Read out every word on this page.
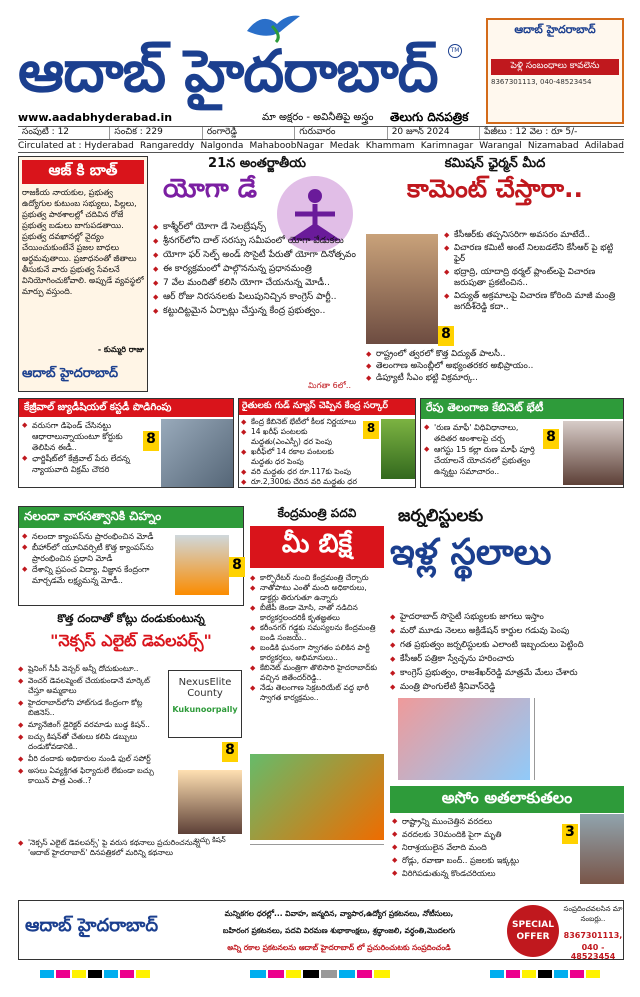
ఆదాబ్ హైదరాబాద్	TM
www.aadabhyderabad.in	మా అక్షరం - అవినీతిపై అస్త్రం తెలుగు దినపత్రిక
ఆదాబ్ హైదరాబాద్
పెళ్లి సంబంధాలు కావలెను
8367301113, 040-48523454
సంపుటి : 12	సంచిక : 229	రంగారెడ్డి	గురువారం	20 జూన్ 2024	పేజీలు : 12 వెల : రూ 5/-
Circulated at : Hyderabad Rangareddy Nalgonda MahaboobNagar Medak Khammam Karimnagar Warangal Nizamabad Adilabad
ఆజ్ కి బాత్
రాజకీయ నాయకుల, ప్రభుత్వ ఉద్యోగుల కుటుంబ సభ్యులు, పిల్లలు, ప్రభుత్వ పాఠశాలల్లో చదివిన రోజే ప్రభుత్వ బడులు బాగుపడతాయి. ప్రభుత్వ దవఖానల్లో వైద్యం చేయించుకుంటేనే ప్రజల బాధలు అర్థమవుతాయి. ప్రజాధనంతో జీతాలు తీసుకునే వారు ప్రభుత్వ సేవలనే వినియోగించుకోవాలి. అప్పుడే వ్యవస్థలో మార్పు వస్తుంది.
- కుమ్మరి రాజు
ఆదాబ్ హైదరాబాద్
21న అంతర్జాతీయ
యోగా డే
◆ కాశ్మీర్‌లో యోగా డే సెలబ్రేషన్స్
◆ శ్రీనగర్‌లోని దాల్ సరస్సు సమీపంలో యోగా వేడుకలు
◆ యోగా ఫర్ సెల్ఫ్ అండ్ సొసైటీ పేరుతో యోగా దినోత్సవం
◆ ఈ కార్యక్రమంలో పాల్గొననున్న ప్రధానమంత్రి
◆ 7 వేల మందితో కలిసి యోగా చేయనున్న మోడీ..
◆ ఆర్ రోజు నిరసనలకు పిలుపునిచ్చిన కాంగ్రెస్ పార్టీ..
◆ కట్టుదిట్టమైన ఏర్పాట్లు చేస్తున్న కేంద్ర ప్రభుత్వం..
మిగతా 6లో..
కమిషన్ ఛైర్మన్ మీద
కామెంట్ చేస్తారా..
8
◆ కేసీఆర్‌కు తప్పనిసరిగా అవసరం మాటేదే..
◆ విచారణ కమిటీ అంటే నిలబడలేని కేసీఆర్ పై భట్టి ఫైర్
◆ భద్రాద్రి, యాదాద్రి థర్మల్ ప్లాంట్‌లపై విచారణ జరుపుతా ప్రకటించిన..
◆ విద్యుత్ అక్రమాలపై విచారణ కోరింది మాజీ మంత్రి జగదీశ్‌రెడ్డి కదా..
◆ రాష్ట్రంలో త్వరలో కొత్త విద్యుత్ పాలసీ..
◆ తెలంగాణ అసెంబ్లీలో అభ్యంతరకర అభిప్రాయం..
◆ డిప్యూటీ సీఎం భట్టి విక్రమార్క..
కేజ్రీవాల్ జ్యుడీషియల్ కస్టడీ పొడిగింపు
◆ వరుసగా డిఫెండ్ చేసినట్టు ఆధారాలున్నాయంటూ కోర్టుకు తెలిపిన ఈడీ..
◆ ఛార్జిషీట్‌లో కేజ్రీవాల్ పేరు లేదన్న న్యాయవాది విక్రమ్ చౌదరి
8
రైతులకు గుడ్ న్యూస్ చెప్పిన కేంద్ర సర్కార్
◆ కేంద్ర కేబినెట్ భేటీలో కీలక నిర్ణయాలు
◆ 14 ఖరీఫ్ పంటలకు మద్దతు(ఎంఎస్పీ) ధర పెంపు
◆ ఖరీఫ్‌లో 14 రకాల పంటలకు మద్దతు ధర పెంపు
◆ వరి మద్దతు ధర రూ.117కు పెంపు
◆ రూ.2,300కు చేరిన వరి మద్దతు ధర
8
రేపు తెలంగాణ కేబినెట్ భేటీ
◆ 'రుణ మాఫీ' విధివిధానాలు, తదితర అంశాలపై చర్చ
◆ ఆగస్టు 15 కల్లా రుణ మాఫీ పూర్తి చేయాలనే యోచనలో ప్రభుత్వం ఉన్నట్టు సమాచారం..
8
నలందా వారసత్వానికి చిహ్నం
◆ నలందా క్యాంపస్‌ను ప్రారంభించిన మోడీ
◆ బీహార్‌లో యూనివర్సిటీ కొత్త క్యాంపస్‌ను ప్రారంభించిన ప్రధాని మోడీ
◆ దేశాన్ని ప్రపంచ విద్యా, విజ్ఞాన కేంద్రంగా మార్చడమే లక్ష్యమన్న మోడీ..
8
కేంద్రమంత్రి పదవి
మీ బిక్షే
◆ కార్పొరేటర్ నుంచి కేంద్రమంత్రి చేర్చారు
◆ నాతోపాటు ఎంతో మంది అధికారులు, డాక్టర్లు తిరుగుతూ ఉన్నారు
◆ బీజేపీ జెండా మోసి, నాతో నడిచిన కార్యకర్తలందరికీ కృతజ్ఞతలు
◆ కరీంనగర్ గడ్డకు సమస్యలను కేంద్రమంత్రి బండి సంజయ్..
◆ బండికి ఘనంగా స్వాగతం పలికిన పార్టీ కార్యకర్తలు, అభిమానులు..
◆ కేబినెట్ మంత్రిగా తొలిసారి హైదరాబాద్‌కు వచ్చిన జితేందర్‌రెడ్డి..
◆ నేడు తెలంగాణ సెక్రటరియేట్ వద్ద భారీ స్వాగత కార్యక్రమం..
జర్నలిస్టులకు
ఇళ్ల స్థలాలు
◆ హైదరాబాద్ సొసైటీ సభ్యులకు జాగలు ఇస్తాం
◆ మరో మూడు నెలలు అక్రిడేషన్ కార్డుల గడువు పెంపు
◆ గత ప్రభుత్వం జర్నలిస్టులకు ఎలాంటి ఇబ్బందులు పెట్టింది
◆ కేసీఆర్ పత్రికా స్వేచ్ఛను హరించారు
◆ కాంగ్రెస్ ప్రభుత్వం, రాజశేఖర్‌రెడ్డి మాత్రమే మేలు చేశారు
◆ మంత్రి పొంగులేటి శ్రీనివాస్‌రెడ్డి
కొత్త దందాతో కోట్లు దండుకుంటున్న
"నెక్సస్ ఎలైట్ డెవలపర్స్"
◆ షైనింగ్ సీపీ వెన్చర్ అన్నీ దోచుకుంటూ..
◆ వెంచర్ డెవలప్మెంట్ చేయకుండానే మార్కెట్ చేస్తూ అమ్మకాలు
◆ హైదరాబాద్‌లోని హాట్‌గుడ కేంద్రంగా కోట్ల బిజినెస్..
◆ మ్యానేజింగ్ డైరెక్టర్ వరమాడు బుడ్డ కిషన్..
◆ బచ్చు కిషన్‌తో చేతులు కలిపి డబ్బులు దండుకోవడానికి..
◆ వీరి దందాకు అధికారుల నుండి ఫుల్ సపోర్ట్
◆ అసలు ఏవ్యక్తిగత ఫిర్యాదులే లేకుండా బచ్చు కాయిన్ పాత్ర ఎంత..?
◆ 'నెక్సస్ ఎలైట్ డెవలపర్స్' పై వరుస కథనాలు ప్రచురించనున్న 'ఆదాబ్ హైదరాబాద్' దినపత్రికలో మరిన్ని కథనాలు
NexusElite County
Kukunoorpally
8
బచ్చు కిషన్
అసోం అతలాకుతలం
◆ రాష్ట్రాన్ని ముంచెత్తిన వరదలు
◆ వరదలకు 30మందికి పైగా మృతి
◆ నిరాశ్రయులైన వేలాది మంది
◆ రోడ్లు, రవాణా బంద్.. ప్రజలకు ఇక్కట్లు
◆ విరిగిపడుతున్న కొండచరియలు
3
ఆదాబ్ హైదరాబాద్
మన్నికగల ధరల్లో... వివాహ, జన్మదిన, వ్యాపార,ఉద్యోగ ప్రకటనలు, నోటీసులు,
బహిరంగ ప్రకటనలు, పదవి విరమణ శుభాకాంక్షలు, శ్రద్ధాంజలి, వర్ధంతి,మొదలగు
అన్ని రకాల ప్రకటనలను ఆదాబ్ హైదరాబాద్ లో ప్రచురించుటకు సంప్రదించండి
SPECIAL OFFER
సంప్రదించవలసిన మా నంబర్లు..
8367301113,
040 - 48523454
